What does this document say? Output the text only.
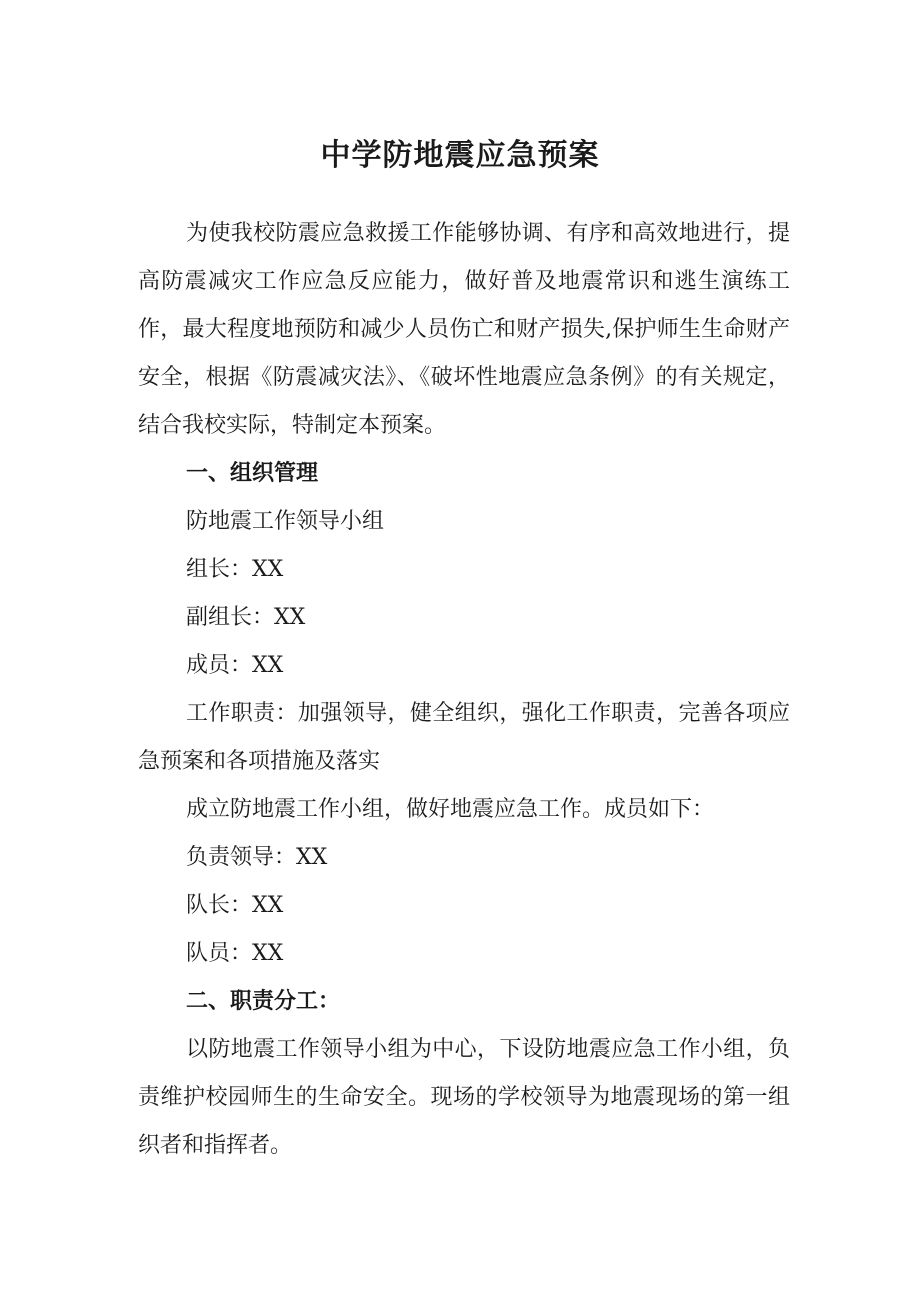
中学防地震应急预案

为使我校防震应急救援工作能够协调、有序和高效地进行，提高防震减灾工作应急反应能力，做好普及地震常识和逃生演练工作，最大程度地预防和减少人员伤亡和财产损失,保护师生生命财产安全，根据《防震减灾法》、《破坏性地震应急条例》的有关规定，结合我校实际，特制定本预案。

一、组织管理

防地震工作领导小组

组长：XX

副组长：XX

成员：XX

工作职责：加强领导，健全组织，强化工作职责，完善各项应急预案和各项措施及落实

成立防地震工作小组，做好地震应急工作。成员如下：

负责领导：XX

队长：XX

队员：XX

二、职责分工：

以防地震工作领导小组为中心，下设防地震应急工作小组，负责维护校园师生的生命安全。现场的学校领导为地震现场的第一组织者和指挥者。
